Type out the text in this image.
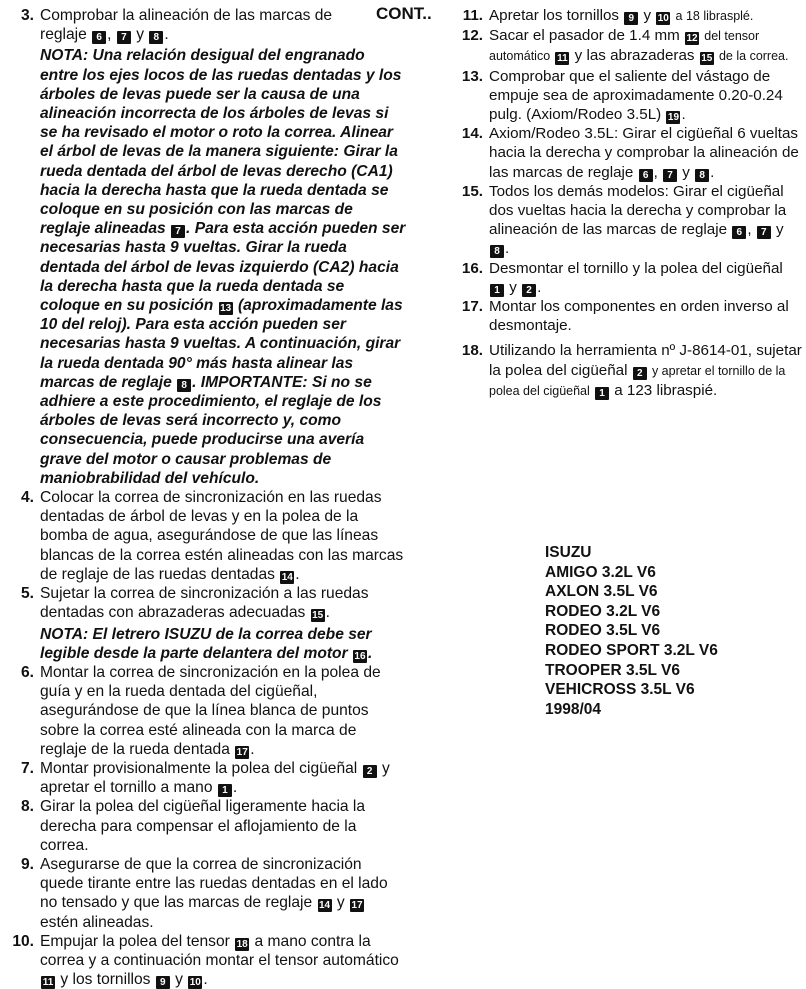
CONT..
3. Comprobar la alineación de las marcas de
reglaje 6 , 7 y 8 .
NOTA: Una relación desigual del engranado entre los ejes locos de las ruedas dentadas y los árboles de levas puede ser la causa de una alineación incorrecta de los árboles de levas si se ha revisado el motor o roto la correa. Alinear el árbol de levas de la manera siguiente: Girar la rueda dentada del árbol de levas derecho (CA1) hacia la derecha hasta que la rueda dentada se coloque en su posición con las marcas de reglaje alineadas 7 . Para esta acción pueden ser necesarias hasta 9 vueltas. Girar la rueda dentada del árbol de levas izquierdo (CA2) hacia la derecha hasta que la rueda dentada se coloque en su posición 13 (aproximadamente las 10 del reloj). Para esta acción pueden ser necesarias hasta 9 vueltas. A continuación, girar la rueda dentada 90° más hasta alinear las marcas de reglaje 8 . IMPORTANTE: Si no se adhiere a este procedimiento, el reglaje de los árboles de levas será incorrecto y, como consecuencia, puede producirse una avería grave del motor o causar problemas de maniobrabilidad del vehículo.
4. Colocar la correa de sincronización en las ruedas dentadas de árbol de levas y en la polea de la bomba de agua, asegurándose de que las líneas blancas de la correa estén alineadas con las marcas de reglaje de las ruedas dentadas 14 .
5. Sujetar la correa de sincronización a las ruedas dentadas con abrazaderas adecuadas 15 .
NOTA: El letrero ISUZU de la correa debe ser legible desde la parte delantera del motor 16 .
6. Montar la correa de sincronización en la polea de guía y en la rueda dentada del cigüeñal, asegurándose de que la línea blanca de puntos sobre la correa esté alineada con la marca de reglaje de la rueda dentada 17 .
7. Montar provisionalmente la polea del cigüeñal 2 y apretar el tornillo a mano 1 .
8. Girar la polea del cigüeñal ligeramente hacia la derecha para compensar el aflojamiento de la correa.
9. Asegurarse de que la correa de sincronización quede tirante entre las ruedas dentadas en el lado no tensado y que las marcas de reglaje 14 y 17 estén alineadas.
10. Empujar la polea del tensor 18 a mano contra la correa y a continuación montar el tensor automático 11 y los tornillos 9 y 10 .
11. Apretar los tornillos 9 y 10 a 18 librasplé.
12. Sacar el pasador de 1.4 mm 12 del tensor automático 11 y las abrazaderas 15 de la correa.
13. Comprobar que el saliente del vástago de empuje sea de aproximadamente 0.20-0.24 pulg. (Axiom/Rodeo 3.5L) 19 .
14. Axiom/Rodeo 3.5L: Girar el cigüeñal 6 vueltas hacia la derecha y comprobar la alineación de las marcas de reglaje 6 , 7 y 8 .
15. Todos los demás modelos: Girar el cigüeñal dos vueltas hacia la derecha y comprobar la alineación de las marcas de reglaje 6 , 7 y 8 .
16. Desmontar el tornillo y la polea del cigüeñal 1 y 2 .
17. Montar los componentes en orden inverso al desmontaje.
18. Utilizando la herramienta nº J-8614-01, sujetar la polea del cigüeñal 2 y apretar el tornillo de la polea del cigüeñal 1 a 123 libraspié.
ISUZU
AMIGO 3.2L V6
AXLON 3.5L V6
RODEO 3.2L V6
RODEO 3.5L V6
RODEO SPORT 3.2L V6
TROOPER 3.5L V6
VEHICROSS 3.5L V6
1998/04
